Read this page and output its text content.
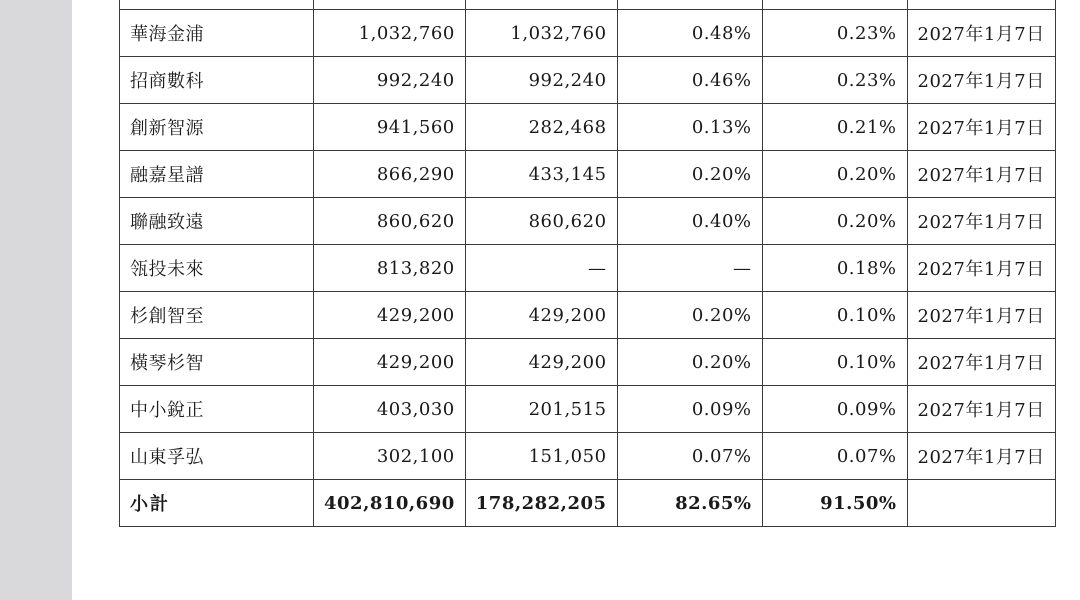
華海金浦	1,032,760	1,032,760	0.48%	0.23%	2027年1月7日
招商數科	992,240	992,240	0.46%	0.23%	2027年1月7日
創新智源	941,560	282,468	0.13%	0.21%	2027年1月7日
融嘉星譜	866,290	433,145	0.20%	0.20%	2027年1月7日
聯融致遠	860,620	860,620	0.40%	0.20%	2027年1月7日
瓴投未來	813,820	—	—	0.18%	2027年1月7日
杉創智至	429,200	429,200	0.20%	0.10%	2027年1月7日
橫琴杉智	429,200	429,200	0.20%	0.10%	2027年1月7日
中小銳正	403,030	201,515	0.09%	0.09%	2027年1月7日
山東孚弘	302,100	151,050	0.07%	0.07%	2027年1月7日
小計	402,810,690	178,282,205	82.65%	91.50%	
